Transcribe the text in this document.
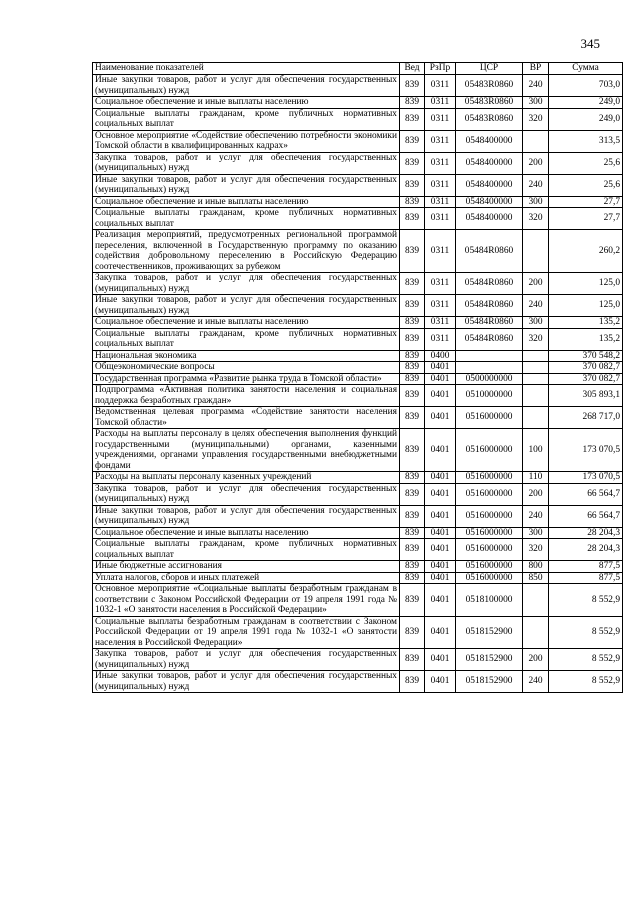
345
Наименование показателей	Вед	РзПр	ЦСР	ВР	Сумма
Иные закупки товаров, работ и услуг для обеспечения государственных (муниципальных) нужд	839	0311	05483R0860	240	703,0
Социальное обеспечение и иные выплаты населению	839	0311	05483R0860	300	249,0
Социальные выплаты гражданам, кроме публичных нормативных социальных выплат	839	0311	05483R0860	320	249,0
Основное мероприятие «Содействие обеспечению потребности экономики Томской области в квалифицированных кадрах»	839	0311	0548400000		313,5
Закупка товаров, работ и услуг для обеспечения государственных (муниципальных) нужд	839	0311	0548400000	200	25,6
Иные закупки товаров, работ и услуг для обеспечения государственных (муниципальных) нужд	839	0311	0548400000	240	25,6
Социальное обеспечение и иные выплаты населению	839	0311	0548400000	300	27,7
Социальные выплаты гражданам, кроме публичных нормативных социальных выплат	839	0311	0548400000	320	27,7
Реализация мероприятий, предусмотренных региональной программой переселения, включенной в Государственную программу по оказанию содействия добровольному переселению в Российскую Федерацию соотечественников, проживающих за рубежом	839	0311	05484R0860		260,2
Закупка товаров, работ и услуг для обеспечения государственных (муниципальных) нужд	839	0311	05484R0860	200	125,0
Иные закупки товаров, работ и услуг для обеспечения государственных (муниципальных) нужд	839	0311	05484R0860	240	125,0
Социальное обеспечение и иные выплаты населению	839	0311	05484R0860	300	135,2
Социальные выплаты гражданам, кроме публичных нормативных социальных выплат	839	0311	05484R0860	320	135,2
Национальная экономика	839	0400			370 548,2
Общеэкономические вопросы	839	0401			370 082,7
Государственная программа «Развитие рынка труда в Томской области»	839	0401	0500000000		370 082,7
Подпрограмма «Активная политика занятости населения и социальная поддержка безработных граждан»	839	0401	0510000000		305 893,1
Ведомственная целевая программа «Содействие занятости населения Томской области»	839	0401	0516000000		268 717,0
Расходы на выплаты персоналу в целях обеспечения выполнения функций государственными (муниципальными) органами, казенными учреждениями, органами управления государственными внебюджетными фондами	839	0401	0516000000	100	173 070,5
Расходы на выплаты персоналу казенных учреждений	839	0401	0516000000	110	173 070,5
Закупка товаров, работ и услуг для обеспечения государственных (муниципальных) нужд	839	0401	0516000000	200	66 564,7
Иные закупки товаров, работ и услуг для обеспечения государственных (муниципальных) нужд	839	0401	0516000000	240	66 564,7
Социальное обеспечение и иные выплаты населению	839	0401	0516000000	300	28 204,3
Социальные выплаты гражданам, кроме публичных нормативных социальных выплат	839	0401	0516000000	320	28 204,3
Иные бюджетные ассигнования	839	0401	0516000000	800	877,5
Уплата налогов, сборов и иных платежей	839	0401	0516000000	850	877,5
Основное мероприятие «Социальные выплаты безработным гражданам в соответствии с Законом Российской Федерации от 19 апреля 1991 года № 1032-1 «О занятости населения в Российской Федерации»	839	0401	0518100000		8 552,9
Социальные выплаты безработным гражданам в соответствии с Законом Российской Федерации от 19 апреля 1991 года № 1032-1 «О занятости населения в Российской Федерации»	839	0401	0518152900		8 552,9
Закупка товаров, работ и услуг для обеспечения государственных (муниципальных) нужд	839	0401	0518152900	200	8 552,9
Иные закупки товаров, работ и услуг для обеспечения государственных (муниципальных) нужд	839	0401	0518152900	240	8 552,9
